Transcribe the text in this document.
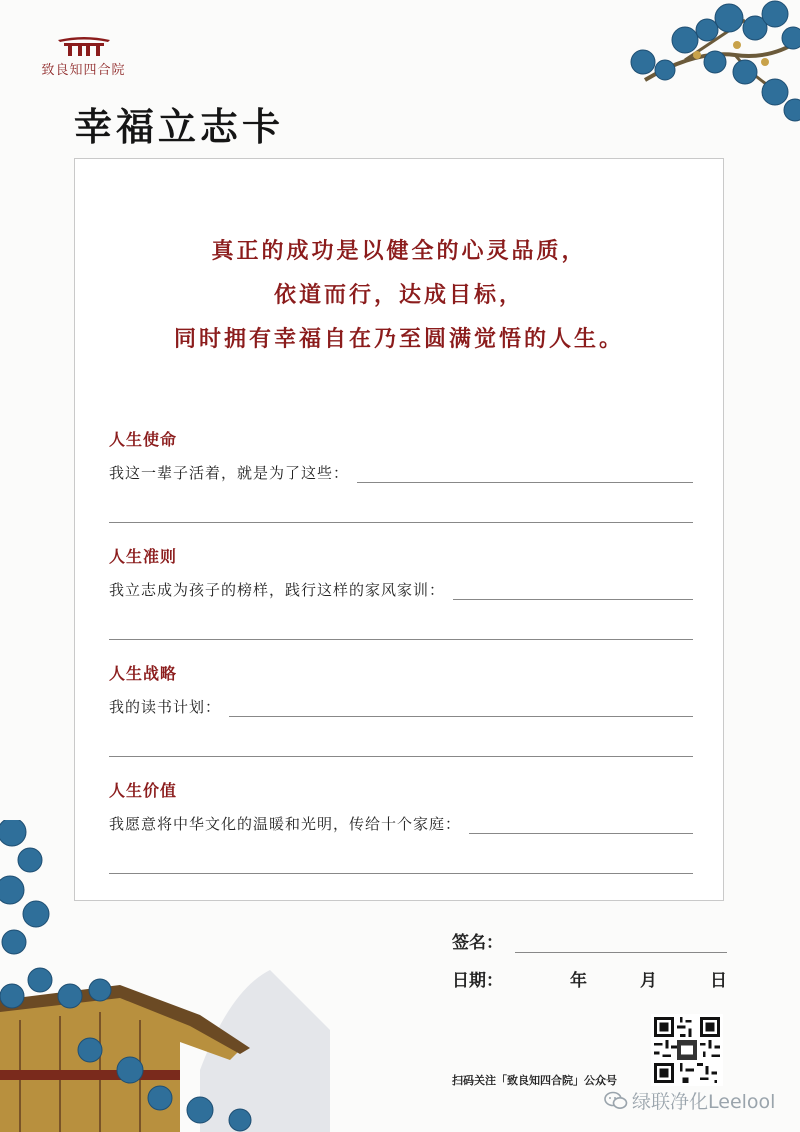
致良知四合院
幸福立志卡
真正的成功是以健全的心灵品质，
依道而行，达成目标，
同时拥有幸福自在乃至圆满觉悟的人生。
人生使命
我这一辈子活着，就是为了这些：
人生准则
我立志成为孩子的榜样，践行这样的家风家训：
人生战略
我的读书计划：
人生价值
我愿意将中华文化的温暖和光明，传给十个家庭：
签名：
日期：	年	月	日
扫码关注「致良知四合院」公众号
绿联净化Leelool
